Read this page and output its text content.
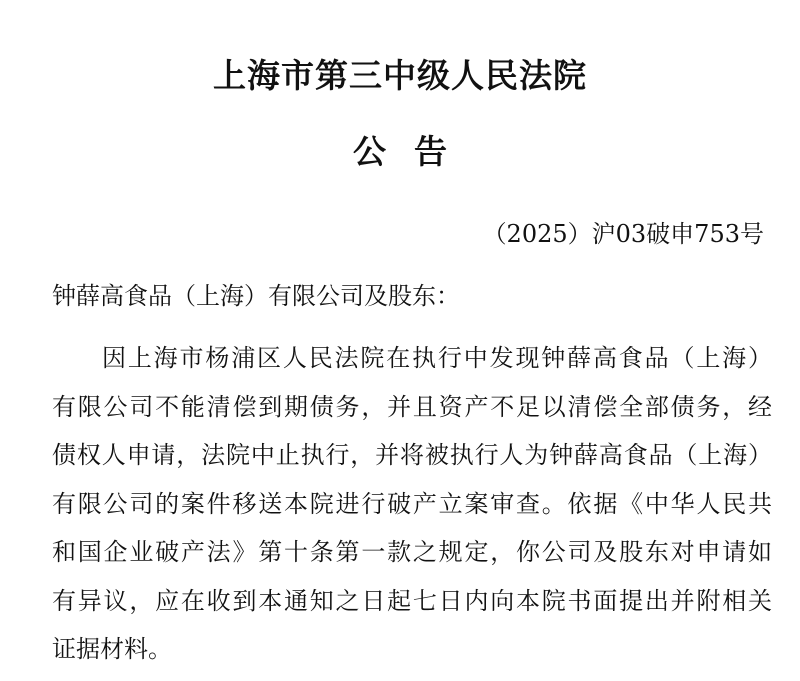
上海市第三中级人民法院
公告
（2025）沪03破申753号
钟薛高食品（上海）有限公司及股东：

因上海市杨浦区人民法院在执行中发现钟薛高食品（上海）
有限公司不能清偿到期债务，并且资产不足以清偿全部债务，经
债权人申请，法院中止执行，并将被执行人为钟薛高食品（上海）
有限公司的案件移送本院进行破产立案审查。依据《中华人民共
和国企业破产法》第十条第一款之规定，你公司及股东对申请如
有异议，应在收到本通知之日起七日内向本院书面提出并附相关
证据材料。
